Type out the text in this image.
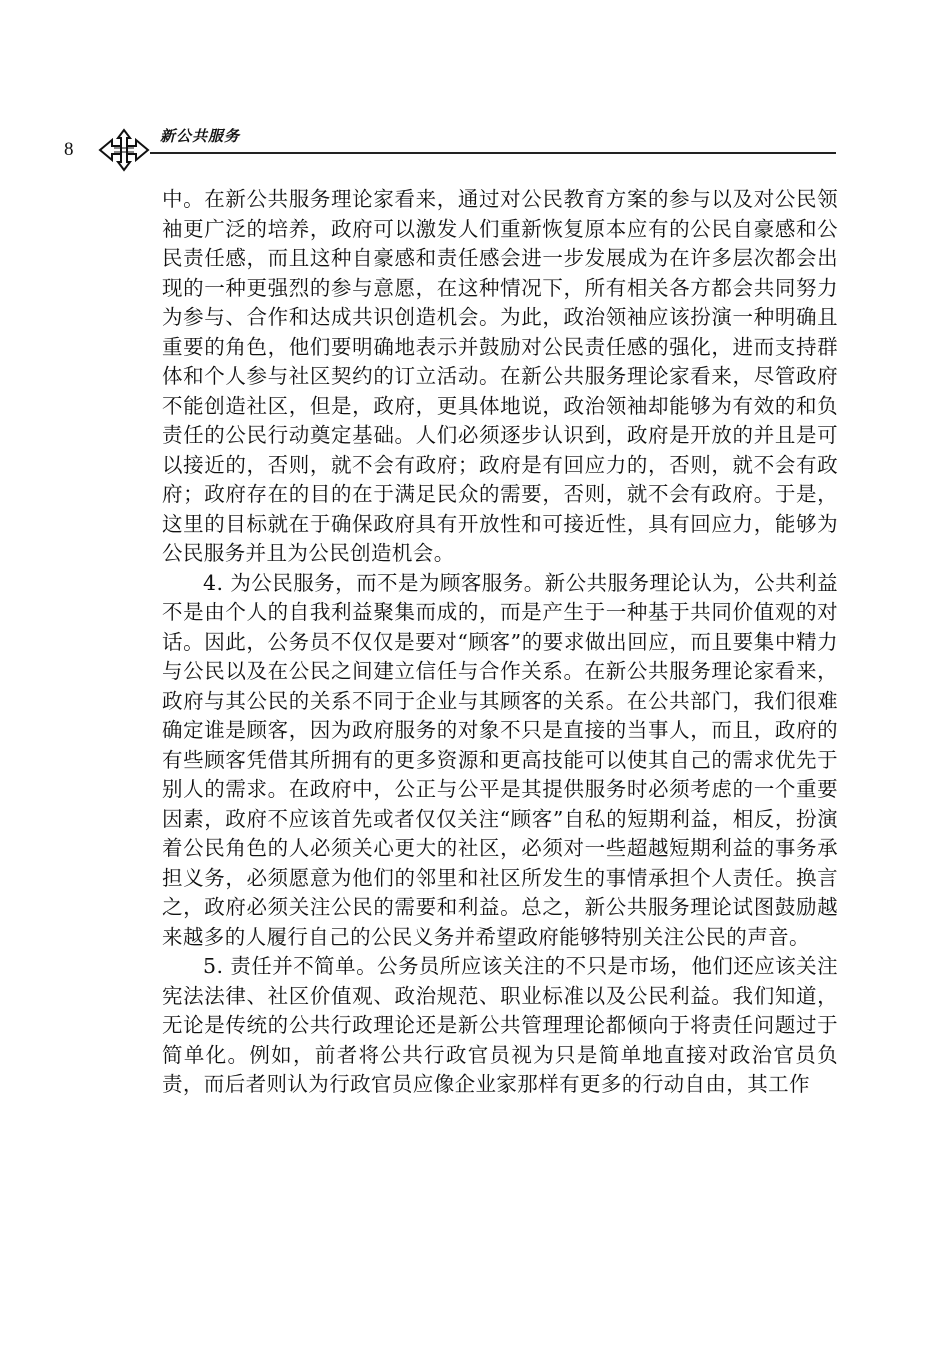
8
新公共服务

中。在新公共服务理论家看来，通过对公民教育方案的参与以及对公民领袖更广泛的培养，政府可以激发人们重新恢复原本应有的公民自豪感和公民责任感，而且这种自豪感和责任感会进一步发展成为在许多层次都会出现的一种更强烈的参与意愿，在这种情况下，所有相关各方都会共同努力为参与、合作和达成共识创造机会。为此，政治领袖应该扮演一种明确且重要的角色，他们要明确地表示并鼓励对公民责任感的强化，进而支持群体和个人参与社区契约的订立活动。在新公共服务理论家看来，尽管政府不能创造社区，但是，政府，更具体地说，政治领袖却能够为有效的和负责任的公民行动奠定基础。人们必须逐步认识到，政府是开放的并且是可以接近的，否则，就不会有政府；政府是有回应力的，否则，就不会有政府；政府存在的目的在于满足民众的需要，否则，就不会有政府。于是，这里的目标就在于确保政府具有开放性和可接近性，具有回应力，能够为公民服务并且为公民创造机会。

4. 为公民服务，而不是为顾客服务。新公共服务理论认为，公共利益不是由个人的自我利益聚集而成的，而是产生于一种基于共同价值观的对话。因此，公务员不仅仅是要对“顾客”的要求做出回应，而且要集中精力与公民以及在公民之间建立信任与合作关系。在新公共服务理论家看来，政府与其公民的关系不同于企业与其顾客的关系。在公共部门，我们很难确定谁是顾客，因为政府服务的对象不只是直接的当事人，而且，政府的有些顾客凭借其所拥有的更多资源和更高技能可以使其自己的需求优先于别人的需求。在政府中，公正与公平是其提供服务时必须考虑的一个重要因素，政府不应该首先或者仅仅关注“顾客”自私的短期利益，相反，扮演着公民角色的人必须关心更大的社区，必须对一些超越短期利益的事务承担义务，必须愿意为他们的邻里和社区所发生的事情承担个人责任。换言之，政府必须关注公民的需要和利益。总之，新公共服务理论试图鼓励越来越多的人履行自己的公民义务并希望政府能够特别关注公民的声音。

5. 责任并不简单。公务员所应该关注的不只是市场，他们还应该关注宪法法律、社区价值观、政治规范、职业标准以及公民利益。我们知道，无论是传统的公共行政理论还是新公共管理理论都倾向于将责任问题过于简单化。例如，前者将公共行政官员视为只是简单地直接对政治官员负责，而后者则认为行政官员应像企业家那样有更多的行动自由，其工作
